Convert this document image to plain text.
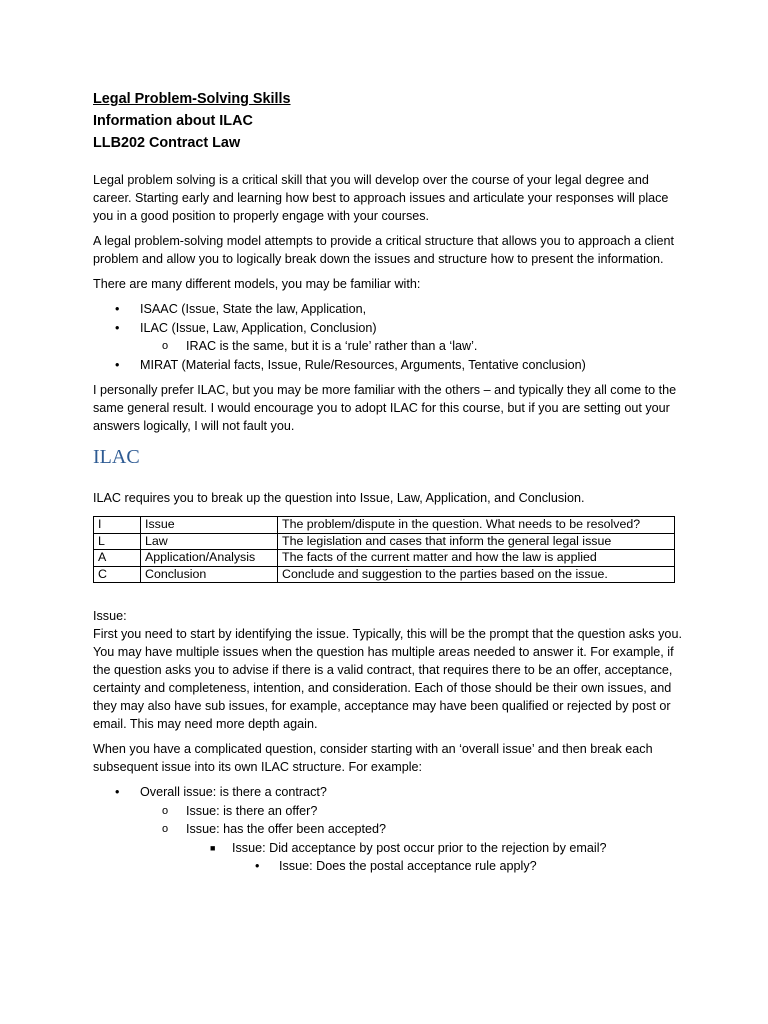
Legal Problem-Solving Skills
Information about ILAC
LLB202 Contract Law

Legal problem solving is a critical skill that you will develop over the course of your legal degree and career. Starting early and learning how best to approach issues and articulate your responses will place you in a good position to properly engage with your courses.

A legal problem-solving model attempts to provide a critical structure that allows you to approach a client problem and allow you to logically break down the issues and structure how to present the information.

There are many different models, you may be familiar with:

• ISAAC (Issue, State the law, Application,
• ILAC (Issue, Law, Application, Conclusion)
o IRAC is the same, but it is a ‘rule’ rather than a ‘law’.
• MIRAT (Material facts, Issue, Rule/Resources, Arguments, Tentative conclusion)

I personally prefer ILAC, but you may be more familiar with the others – and typically they all come to the same general result. I would encourage you to adopt ILAC for this course, but if you are setting out your answers logically, I will not fault you.

ILAC

ILAC requires you to break up the question into Issue, Law, Application, and Conclusion.

I	Issue	The problem/dispute in the question. What needs to be resolved?
L	Law	The legislation and cases that inform the general legal issue
A	Application/Analysis	The facts of the current matter and how the law is applied
C	Conclusion	Conclude and suggestion to the parties based on the issue.

Issue:

First you need to start by identifying the issue. Typically, this will be the prompt that the question asks you. You may have multiple issues when the question has multiple areas needed to answer it. For example, if the question asks you to advise if there is a valid contract, that requires there to be an offer, acceptance, certainty and completeness, intention, and consideration. Each of those should be their own issues, and they may also have sub issues, for example, acceptance may have been qualified or rejected by post or email. This may need more depth again.

When you have a complicated question, consider starting with an ‘overall issue’ and then break each subsequent issue into its own ILAC structure. For example:

• Overall issue: is there a contract?
o Issue: is there an offer?
o Issue: has the offer been accepted?
■ Issue: Did acceptance by post occur prior to the rejection by email?
• Issue: Does the postal acceptance rule apply?
